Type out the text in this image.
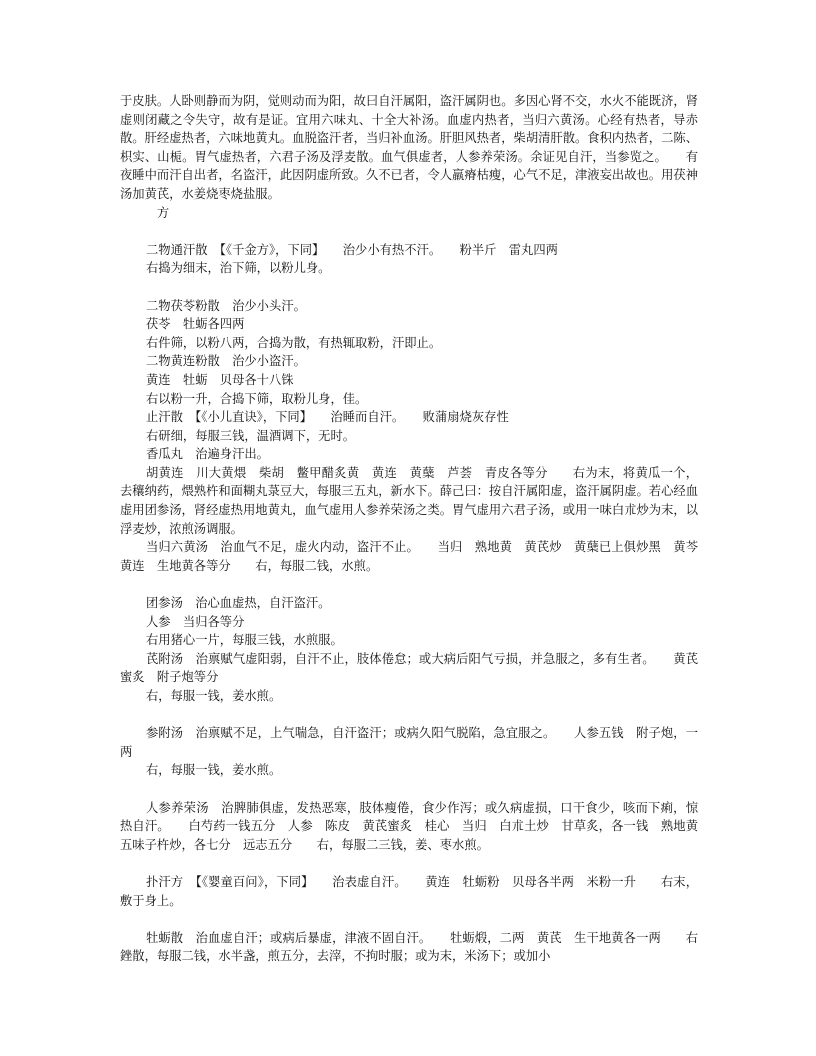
于皮肤。人卧则静而为阴，觉则动而为阳，故曰自汗属阳，盗汗属阴也。多因心肾不交，水火不能既济，肾虚则闭藏之令失守，故有是证。宜用六味丸、十全大补汤。血虚内热者，当归六黄汤。心经有热者，导赤散。肝经虚热者，六味地黄丸。血脱盗汗者，当归补血汤。肝胆风热者，柴胡清肝散。食积内热者，二陈、枳实、山栀。胃气虚热者，六君子汤及浮麦散。血气俱虚者，人参养荣汤。余证见自汗，当参览之。　　有夜睡中而汗自出者，名盗汗，此因阴虚所致。久不已者，令人羸瘠枯瘦，心气不足，津液妄出故也。用茯神汤加黄芪，水姜烧枣烧盐服。

　　　方

二物通汗散　【《千金方》，下同】　　治少小有热不汗。　　粉半斤　雷丸四两

右捣为细末，治下筛，以粉儿身。

二物茯苓粉散　治少小头汗。

茯苓　牡蛎各四两

右件筛，以粉八两，合捣为散，有热辄取粉，汗即止。

二物黄连粉散　治少小盗汗。

黄连　牡蛎　贝母各十八铢

右以粉一升，合捣下筛，取粉儿身，佳。

止汗散　【《小儿直诀》，下同】　　治睡而自汗。　　败蒲扇烧灰存性

右研细，每服三钱，温酒调下，无时。

香瓜丸　治遍身汗出。

胡黄连　川大黄煨　柴胡　鳖甲醋炙黄　黄连　黄蘖　芦荟　青皮各等分　　右为末，将黄瓜一个，去穰纳药，煨熟杵和面糊丸菉豆大，每服三五丸，新水下。薛己曰：按自汗属阳虚，盗汗属阴虚。若心经血虚用团参汤，肾经虚热用地黄丸，血气虚用人参养荣汤之类。胃气虚用六君子汤，或用一味白朮炒为末，以浮麦炒，浓煎汤调服。

当归六黄汤　治血气不足，虚火内动，盗汗不止。　　当归　熟地黄　黄芪炒　黄蘖已上俱炒黑　黄芩　黄连　生地黄各等分　　右，每服二钱，水煎。

团参汤　治心血虚热，自汗盗汗。

人参　当归各等分

右用猪心一片，每服三钱，水煎服。

芪附汤　治禀赋气虚阳弱，自汗不止，肢体倦怠；或大病后阳气亏损，并急服之，多有生者。　　黄芪蜜炙　附子炮等分

右，每服一钱，姜水煎。

参附汤　治禀赋不足，上气喘急，自汗盗汗；或病久阳气脱陷，急宜服之。　　人参五钱　附子炮，一两

右，每服一钱，姜水煎。

人参养荣汤　治脾肺俱虚，发热恶寒，肢体瘦倦，食少作泻；或久病虚损，口干食少，咳而下痢，惊热自汗。　　白芍药一钱五分　人参　陈皮　黄芪蜜炙　桂心　当归　白朮土炒　甘草炙，各一钱　熟地黄　五味子杵炒，各七分　远志五分　　右，每服二三钱，姜、枣水煎。

扑汗方　【《婴童百问》，下同】　　治表虚自汗。　　黄连　牡蛎粉　贝母各半两　米粉一升　　右末，敷于身上。

牡蛎散　治血虚自汗；或病后暴虚，津液不固自汗。　　牡蛎煅，二两　黄芪　生干地黄各一两　　右銼散，每服二钱，水半盏，煎五分，去滓，不拘时服；或为末，米汤下；或加小
